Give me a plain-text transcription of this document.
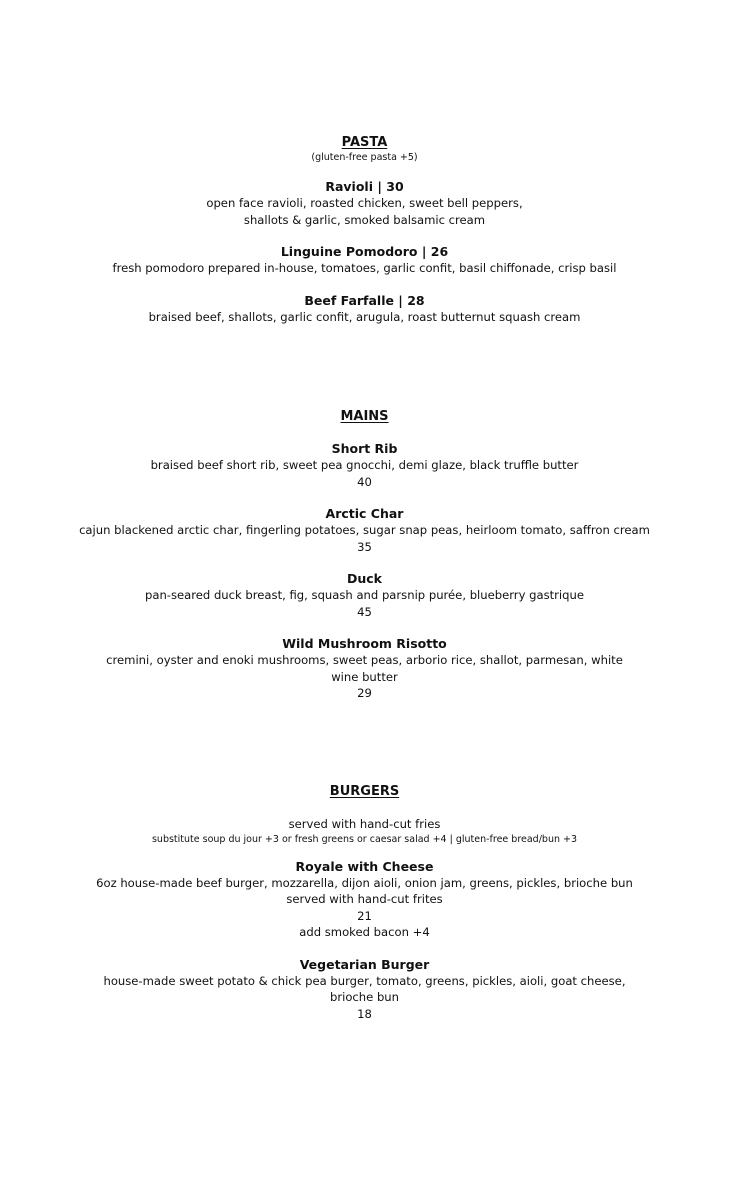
PASTA
(gluten-free pasta +5)
Ravioli | 30
open face ravioli, roasted chicken, sweet bell peppers, shallots & garlic, smoked balsamic cream
Linguine Pomodoro | 26
fresh pomodoro prepared in-house, tomatoes, garlic confit, basil chiffonade, crisp basil
Beef Farfalle | 28
braised beef, shallots, garlic confit, arugula, roast butternut squash cream
MAINS
Short Rib
braised beef short rib, sweet pea gnocchi, demi glaze, black truffle butter
40
Arctic Char
cajun blackened arctic char, fingerling potatoes, sugar snap peas, heirloom tomato, saffron cream
35
Duck
pan-seared duck breast, fig, squash and parsnip purée, blueberry gastrique
45
Wild Mushroom Risotto
cremini, oyster and enoki mushrooms, sweet peas, arborio rice, shallot, parmesan, white wine butter
29
BURGERS
served with hand-cut fries
substitute soup du jour +3 or fresh greens or caesar salad +4 | gluten-free bread/bun +3
Royale with Cheese
6oz house-made beef burger, mozzarella, dijon aioli, onion jam, greens, pickles, brioche bun
served with hand-cut frites
21
add smoked bacon +4
Vegetarian Burger
house-made sweet potato & chick pea burger, tomato, greens, pickles, aioli, goat cheese, brioche bun
18
